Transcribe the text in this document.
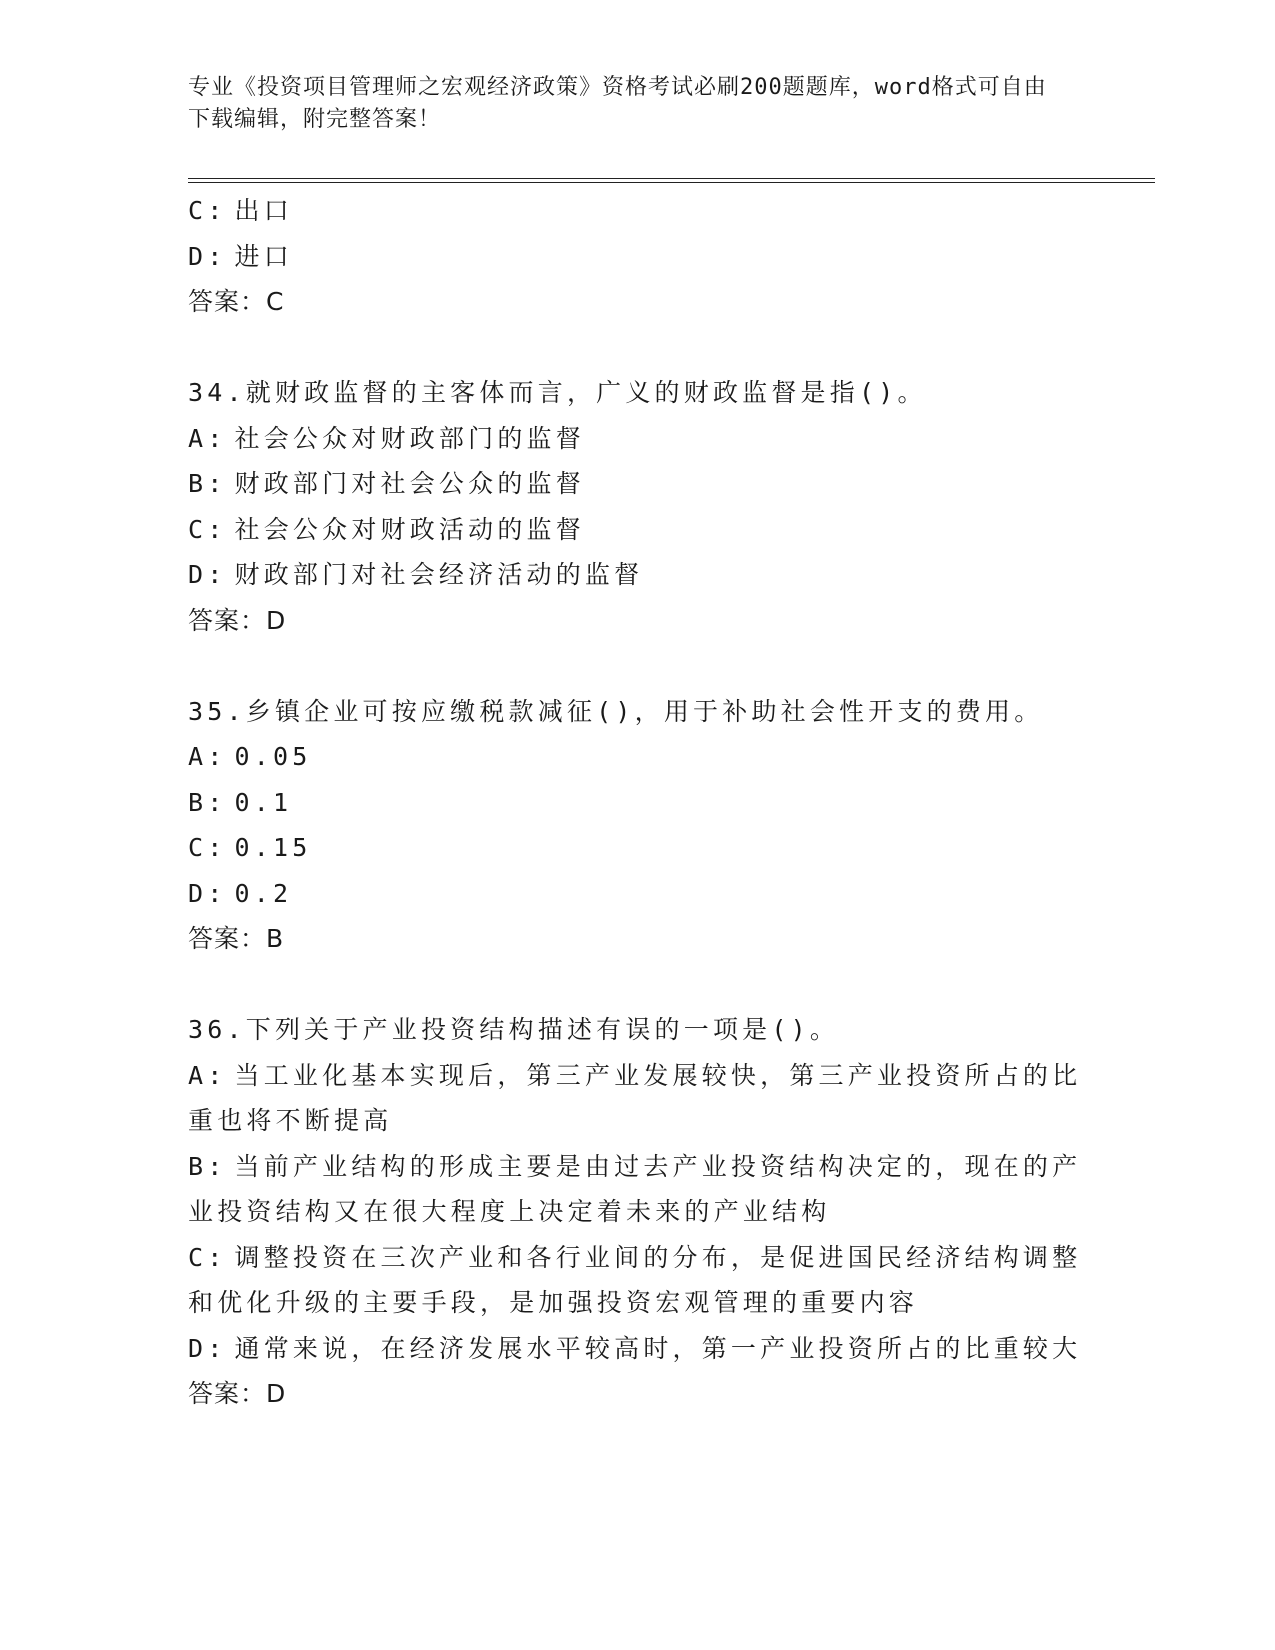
专业《投资项目管理师之宏观经济政策》资格考试必刷200题题库，word格式可自由下载编辑，附完整答案！
C: 出口
D: 进口
答案：C
34.就财政监督的主客体而言，广义的财政监督是指()。
A: 社会公众对财政部门的监督
B: 财政部门对社会公众的监督
C: 社会公众对财政活动的监督
D: 财政部门对社会经济活动的监督
答案：D
35.乡镇企业可按应缴税款减征()，用于补助社会性开支的费用。
A: 0.05
B: 0.1
C: 0.15
D: 0.2
答案：B
36.下列关于产业投资结构描述有误的一项是()。
A: 当工业化基本实现后，第三产业发展较快，第三产业投资所占的比重也将不断提高
B: 当前产业结构的形成主要是由过去产业投资结构决定的，现在的产业投资结构又在很大程度上决定着未来的产业结构
C: 调整投资在三次产业和各行业间的分布，是促进国民经济结构调整和优化升级的主要手段，是加强投资宏观管理的重要内容
D: 通常来说，在经济发展水平较高时，第一产业投资所占的比重较大
答案：D
